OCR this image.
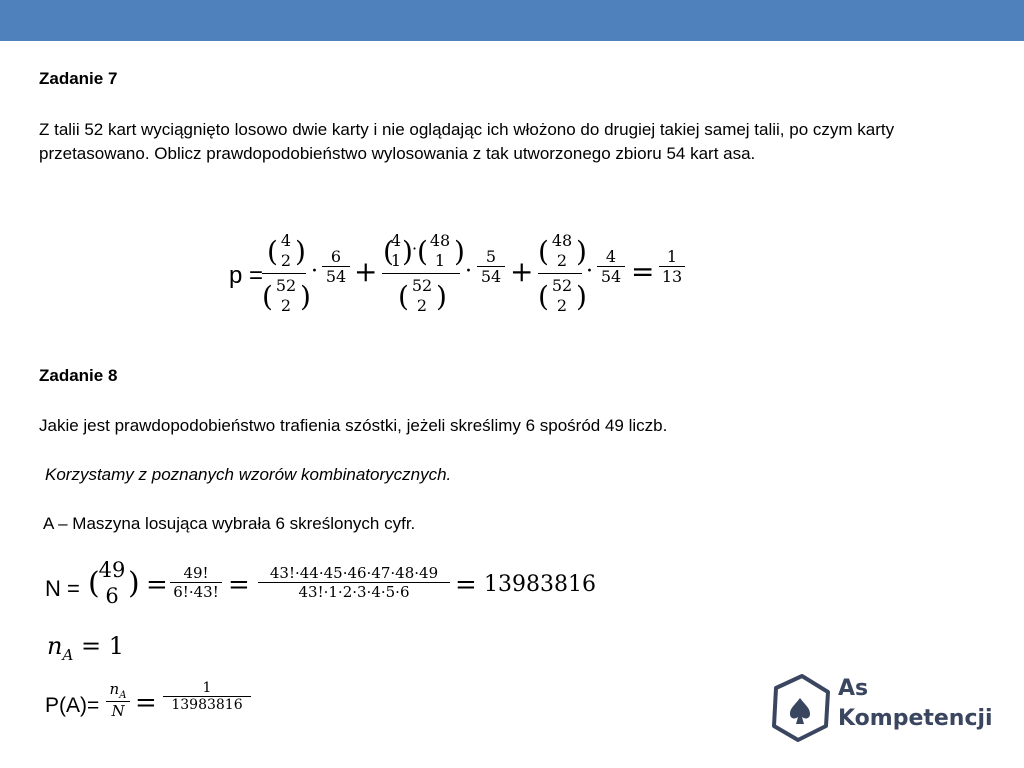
Zadanie 7
Z talii 52 kart wyciągnięto losowo dwie karty i nie oglądając ich włożono do drugiej takiej samej talii, po czym karty przetasowano. Oblicz prawdopodobieństwo wylosowania z tak utworzonego zbioru 54 kart asa.
p =
( 4
2 )
( 52
2 )
·
6
54 +
(
4
1 ) · ( 48
1 )
( 52
2 )
·
5
54 +
( 48
2 )
( 52
2 )
·
4
54 = 1
13
Zadanie 8
Jakie jest prawdopodobieństwo trafienia szóstki, jeżeli skreślimy 6 spośród 49 liczb.
Korzystamy z poznanych wzorów kombinatorycznych.
A – Maszyna losująca wybrała 6 skreślonych cyfr.
N = (
49
6 ) =	49!
6!·43! =	43!·44·45·46·47·48·49
43!·1·2·3·4·5·6	= 13983816
$n_A = 1$
P(A)=
$n_A$
N =	1
13983816
As
Kompetencji
